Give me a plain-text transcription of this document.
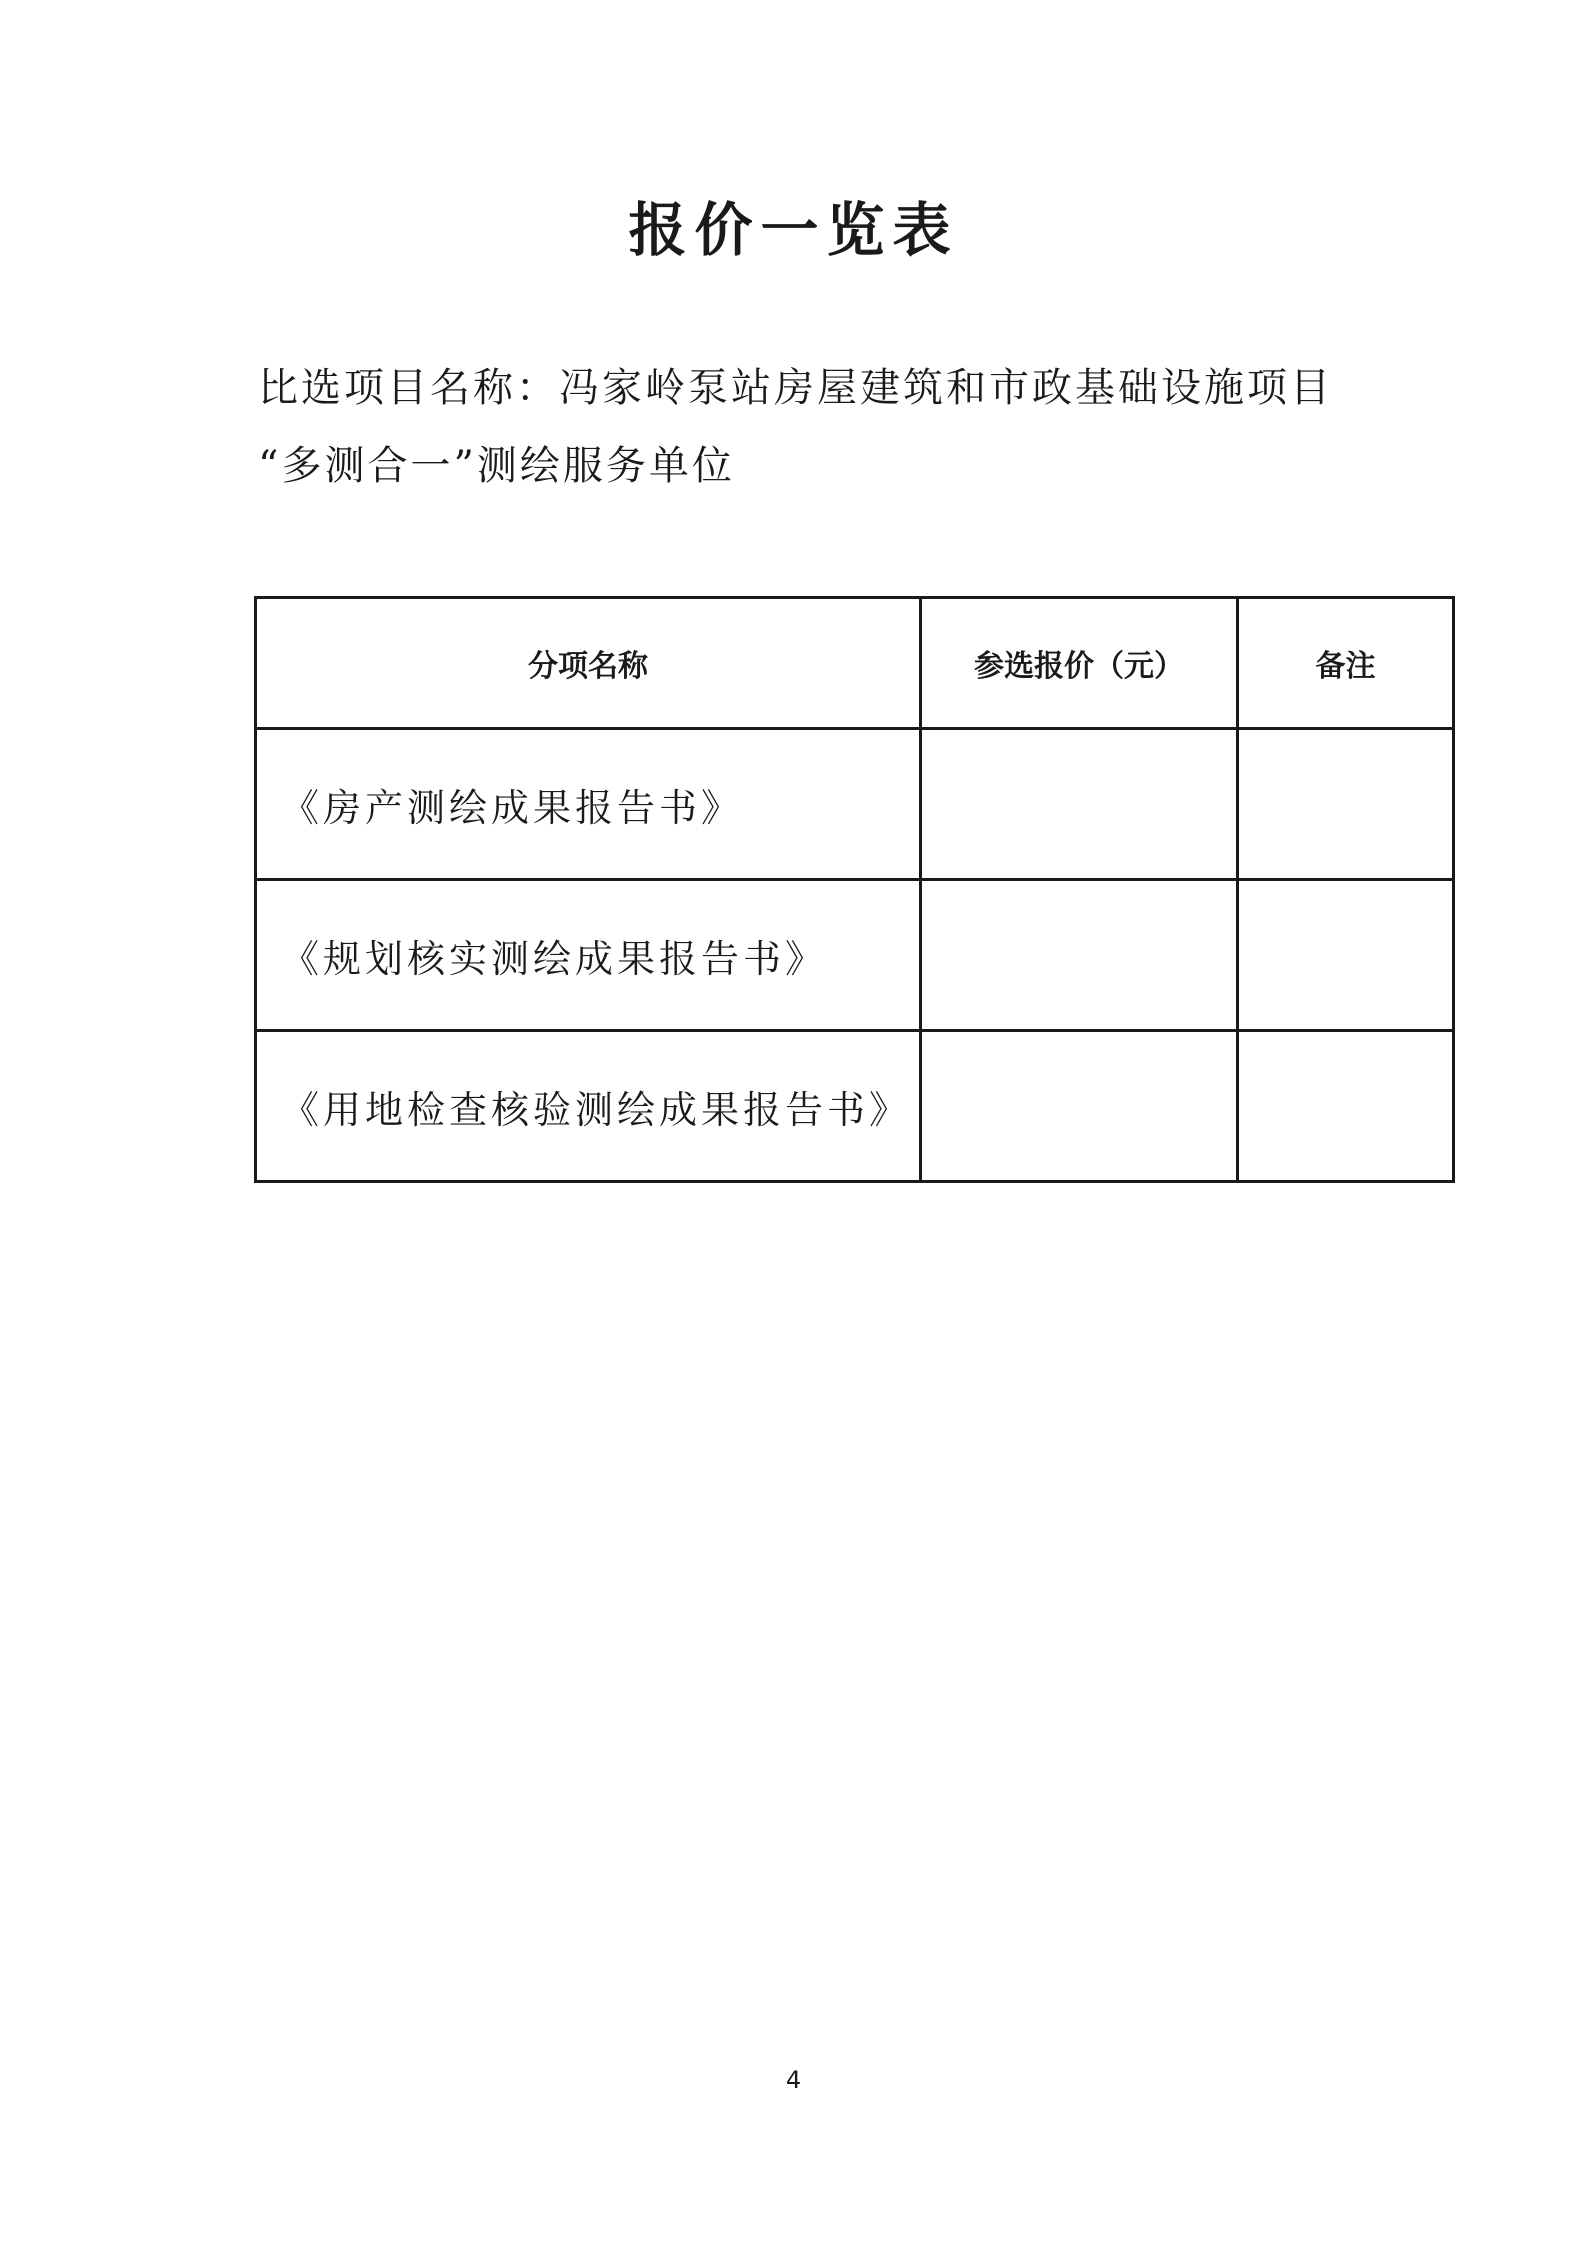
报价一览表
比选项目名称：冯家岭泵站房屋建筑和市政基础设施项目
“多测合一”测绘服务单位
分项名称	参选报价（元）	备注
《房产测绘成果报告书》		
《规划核实测绘成果报告书》		
《用地检查核验测绘成果报告书》		
4
